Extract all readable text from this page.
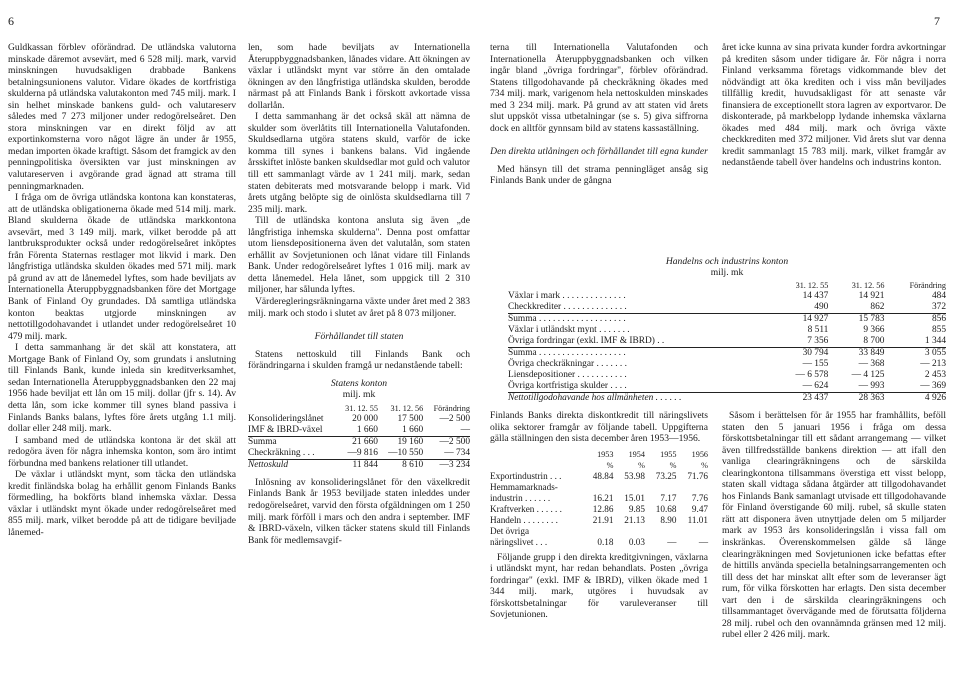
6	7

Guldkassan förblev oförändrad. De utländska valutorna minskade däremot avsevärt, med 6 528 milj. mark, varvid minskningen huvudsakligen drabbade Bankens betalningsunionens valutor. Vidare ökades de kortfristiga skulderna på utländska valutakonton med 745 milj. mark. I sin helhet minskade bankens guld- och valutareserv således med 7 273 miljoner under redogörelseåret. Den stora minskningen var en direkt följd av att exportinkomsterna voro något lägre än under år 1955, medan importen ökade kraftigt. Såsom det framgick av den penningpolitiska översikten var just minskningen av valutareserven i avgörande grad ägnad att strama till penningmarknaden.

I fråga om de övriga utländska kontona kan konstateras, att de utländska obligationerna ökade med 514 milj. mark. Bland skulderna ökade de utländska markkontona avsevärt, med 3 149 milj. mark, vilket berodde på att lantbruksprodukter också under redogörelseåret inköptes från Förenta Staternas restlager mot likvid i mark. Den långfristiga utländska skulden ökades med 571 milj. mark på grund av att de lånemedel lyftes, som hade beviljats av Internationella Återuppbyggnadsbanken före det Mortgage Bank of Finland Oy grundades. Då samtliga utländska konton beaktas utgjorde minskningen av nettotillgodohavandet i utlandet under redogörelseåret 10 479 milj. mark.

I detta sammanhang är det skäl att konstatera, att Mortgage Bank of Finland Oy, som grundats i anslutning till Finlands Bank, kunde inleda sin kreditverksamhet, sedan Internationella Återuppbyggnadsbanken den 22 maj 1956 hade beviljat ett lån om 15 milj. dollar (jfr s. 14). Av detta lån, som icke kommer till synes bland passiva i Finlands Banks balans, lyftes före årets utgång 1.1 milj. dollar eller 248 milj. mark.

I samband med de utländska kontona är det skäl att redogöra även för några inhemska konton, som äro intimt förbundna med bankens relationer till utlandet.

De växlar i utländskt mynt, som täcka den utländska kredit finländska bolag ha erhållit genom Finlands Banks förmedling, ha bokförts bland inhemska växlar. Dessa växlar i utländskt mynt ökade under redogörelseåret med 855 milj. mark, vilket berodde på att de tidigare beviljade lånemed-

len, som hade beviljats av Internationella Återuppbyggnadsbanken, lånades vidare. Att ökningen av växlar i utländskt mynt var större än den omtalade ökningen av den långfristiga utländska skulden, berodde närmast på att Finlands Bank i förskott avkortade vissa dollarlån.

I detta sammanhang är det också skäl att nämna de skulder som överlåtits till Internationella Valutafonden. Skuldsedlarna utgöra statens skuld, varför de icke komma till synes i bankens balans. Vid ingående årsskiftet inlöste banken skuldsedlar mot guld och valutor till ett sammanlagt värde av 1 241 milj. mark, sedan staten debiterats med motsvarande belopp i mark. Vid årets utgång belöpte sig de oinlösta skuldsedlarna till 7 235 milj. mark.

Till de utländska kontona ansluta sig även „de långfristiga inhemska skulderna". Denna post omfattar utom liensdepositionerna även det valutalån, som staten erhållit av Sovjetunionen och lånat vidare till Finlands Bank. Under redogörelseåret lyftes 1 016 milj. mark av detta lånemedel. Hela lånet, som uppgick till 2 310 miljoner, har sålunda lyftes.

Värderegleringsräkningarna växte under året med 2 383 milj. mark och stodo i slutet av året på 8 073 miljoner.

Förhållandet till staten

Statens nettoskuld till Finlands Bank och förändringarna i skulden framgå ur nedanstående tabell:

Statens konton
milj. mk
	31. 12. 55	31. 12. 56	Förändring
Konsolideringslånet	20 000	17 500	—2 500
IMF & IBRD-växel	1 660	1 660	—
Summa	21 660	19 160	—2 500
Checkräkning . . .	—9 816	—10 550	— 734
Nettoskuld	11 844	8 610	—3 234

Inlösning av konsolideringslånet för den växelkredit Finlands Bank år 1953 beviljade staten inleddes under redogörelseåret, varvid den första ofgäldningen om 1 250 milj. mark förföll i mars och den andra i september. IMF & IBRD-växeln, vilken täcker statens skuld till Finlands Bank för medlemsavgif-

terna till Internationella Valutafonden och Internationella Återuppbyggnadsbanken och vilken ingår bland „övriga fordringar", förblev oförändrad. Statens tillgodohavande på checkräkning ökades med 734 milj. mark, varigenom hela nettoskulden minskades med 3 234 milj. mark. På grund av att staten vid årets slut uppsköt vissa utbetalningar (se s. 5) giva siffrorna dock en alltför gynnsam bild av statens kassaställning.

Den direkta utlåningen och förhållandet till egna kunder

Med hänsyn till det strama penningläget ansåg sig Finlands Bank under de gångna

året icke kunna av sina privata kunder fordra avkortningar på krediten såsom under tidigare år. För några i norra Finland verksamma företags vidkommande blev det nödvändigt att öka krediten och i viss mån beviljades tillfällig kredit, huvudsakligast för att senaste vår finansiera de exceptionellt stora lagren av exportvaror. De diskonterade, på markbelopp lydande inhemska växlarna ökades med 484 milj. mark och övriga växte checkkrediten med 372 miljoner. Vid årets slut var denna kredit sammanlagt 15 783 milj. mark, vilket framgår av nedanstående tabell över handelns och industrins konton.

Handelns och industrins konton
milj. mk
	31. 12. 55	31. 12. 56	Förändring
Växlar i mark . . . . . . . . . . . . . .	14 437	14 921	484
Checkkrediter . . . . . . . . . . . . . .	490	862	372
Summa . . . . . . . . . . . . . . . . . . .	14 927	15 783	856
Växlar i utländskt mynt . . . . . . .	8 511	9 366	855
Övriga fordringar (exkl. IMF & IBRD) . .	7 356	8 700	1 344
Summa . . . . . . . . . . . . . . . . . . .	30 794	33 849	3 055
Övriga checkräkningar . . . . . . .	— 155	— 368	— 213
Liensdepositioner . . . . . . . . . . .	— 6 578	— 4 125	2 453
Övriga kortfristiga skulder . . . .	— 624	— 993	— 369
Nettotillgodohavande hos allmänheten . . . . . .	23 437	28 363	4 926

Finlands Banks direkta diskontkredit till näringslivets olika sektorer framgår av följande tabell. Uppgifterna gälla ställningen den sista december åren 1953—1956.

	1953	1954	1955	1956
	%	%	%	%
Exportindustrin . . .	48.84	53.98	73.25	71.76
Hemmamarknads-				
industrin . . . . . .	16.21	15.01	7.17	7.76
Kraftverken . . . . . .	12.86	9.85	10.68	9.47
Handeln . . . . . . . .	21.91	21.13	8.90	11.01
Det övriga				
näringslivet . . .	0.18	0.03	—	—

Följande grupp i den direkta kreditgivningen, växlarna i utländskt mynt, har redan behandlats. Posten „övriga fordringar" (exkl. IMF & IBRD), vilken ökade med 1 344 milj. mark, utgöres i huvudsak av förskottsbetalningar för varuleveranser till Sovjetunionen.

Såsom i berättelsen för år 1955 har framhållits, beföll staten den 5 januari 1956 i fråga om dessa förskottsbetalningar till ett sådant arrangemang — vilket även tillfredsställde bankens direktion — att ifall den vanliga clearingräkningens och de särskilda clearingkontona tillsammans överstiga ett visst belopp, staten skall vidtaga sådana åtgärder att tillgodohavandet hos Finlands Bank samanlagt utvisade ett tillgodohavande för Finland överstigande 60 milj. rubel, så skulle staten rätt att disponera även utnyttjade delen om 5 miljarder mark av 1953 års konsolideringslån i vissa fall om inskränkas. Överenskommelsen gälde så länge clearingräkningen med Sovjetunionen icke befattas efter de hittills använda speciella betalningsarrangementen och till dess det har minskat allt efter som de leveranser ägt rum, för vilka förskotten har erlagts. Den sista december vart den i de särskilda clearingräkningens och tillsammantaget övervägande med de förutsatta följderna 28 milj. rubel och den ovannämnda gränsen med 12 milj. rubel eller 2 426 milj. mark.
